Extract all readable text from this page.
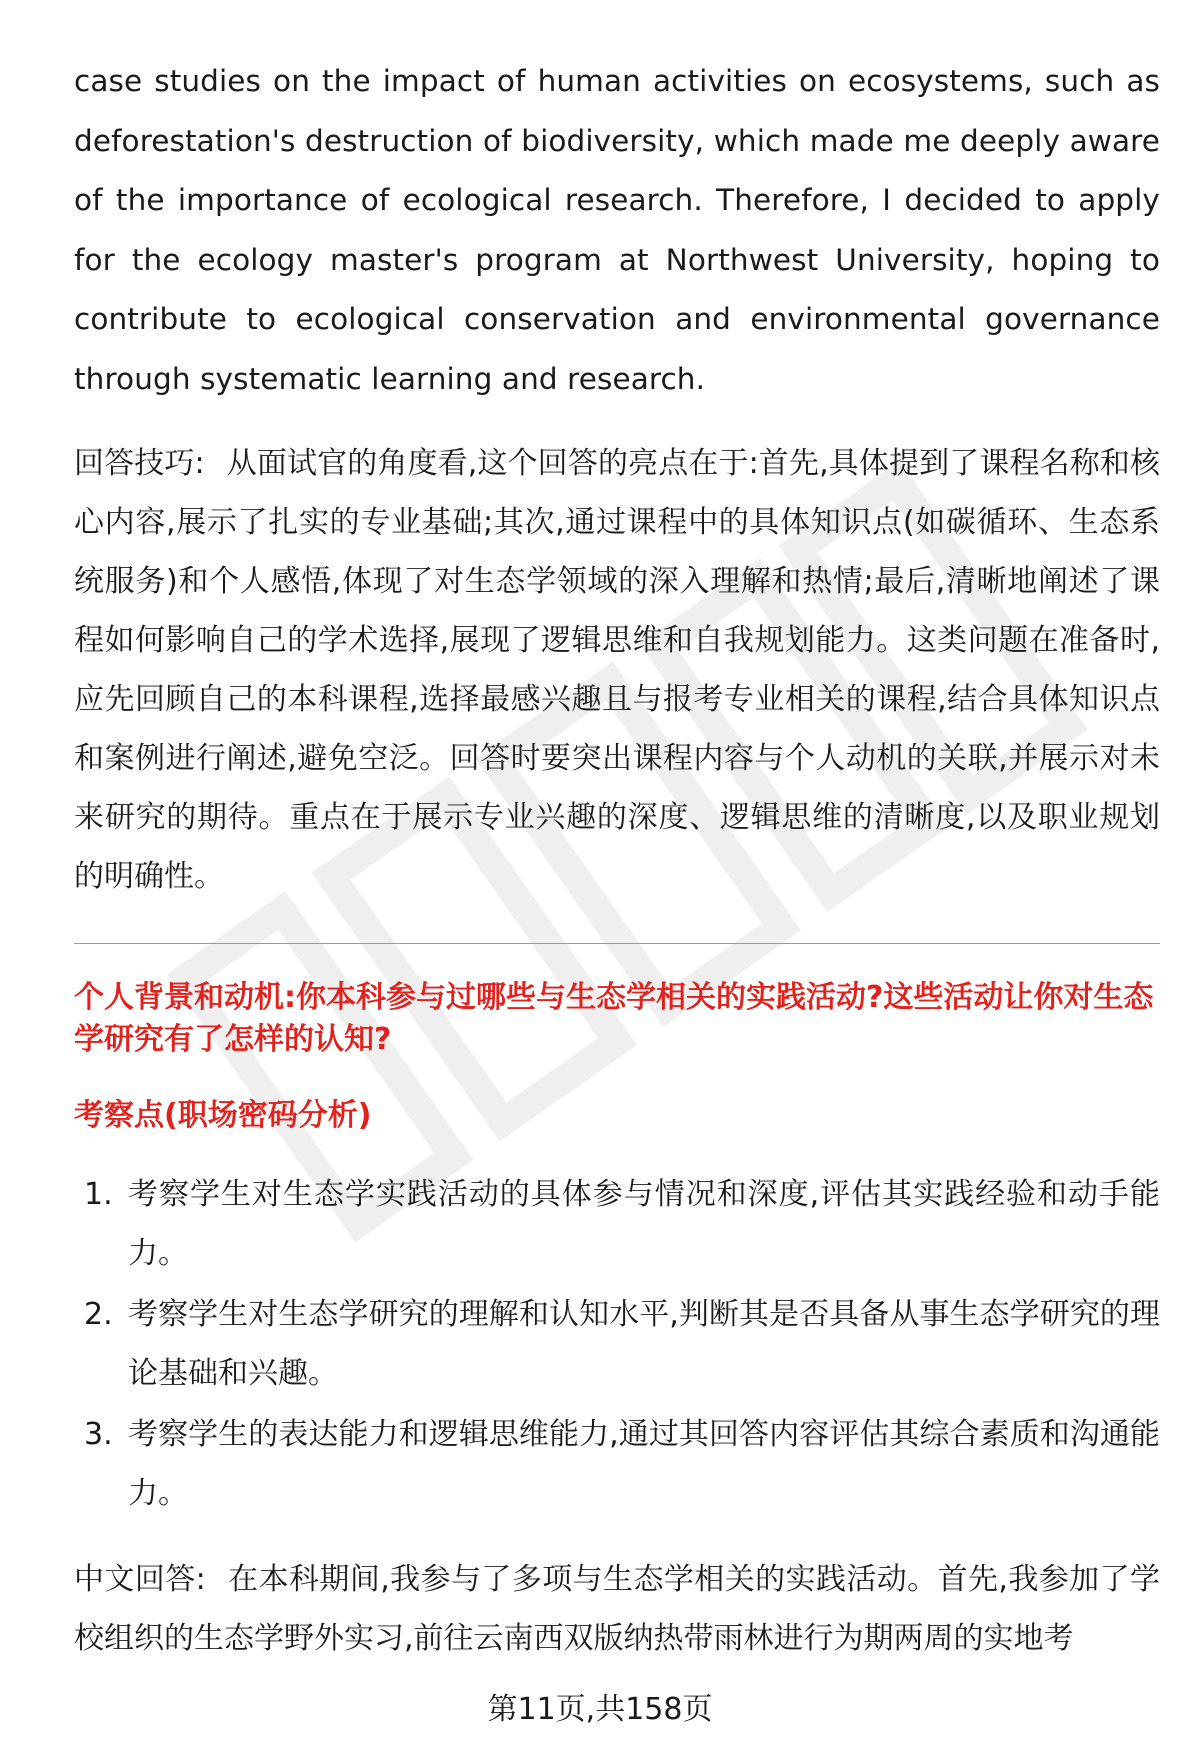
case studies on the impact of human activities on ecosystems, such as deforestation's destruction of biodiversity, which made me deeply aware of the importance of ecological research. Therefore, I decided to apply for the ecology master's program at Northwest University, hoping to contribute to ecological conservation and environmental governance through systematic learning and research.

回答技巧: 从面试官的角度看,这个回答的亮点在于:首先,具体提到了课程名称和核心内容,展示了扎实的专业基础;其次,通过课程中的具体知识点(如碳循环、生态系统服务)和个人感悟,体现了对生态学领域的深入理解和热情;最后,清晰地阐述了课程如何影响自己的学术选择,展现了逻辑思维和自我规划能力。这类问题在准备时,应先回顾自己的本科课程,选择最感兴趣且与报考专业相关的课程,结合具体知识点和案例进行阐述,避免空泛。回答时要突出课程内容与个人动机的关联,并展示对未来研究的期待。重点在于展示专业兴趣的深度、逻辑思维的清晰度,以及职业规划的明确性。

个人背景和动机:你本科参与过哪些与生态学相关的实践活动?这些活动让你对生态学研究有了怎样的认知?

考察点(职场密码分析)

1. 考察学生对生态学实践活动的具体参与情况和深度,评估其实践经验和动手能力。
2. 考察学生对生态学研究的理解和认知水平,判断其是否具备从事生态学研究的理论基础和兴趣。
3. 考察学生的表达能力和逻辑思维能力,通过其回答内容评估其综合素质和沟通能力。

中文回答: 在本科期间,我参与了多项与生态学相关的实践活动。首先,我参加了学校组织的生态学野外实习,前往云南西双版纳热带雨林进行为期两周的实地考

第11页,共158页
